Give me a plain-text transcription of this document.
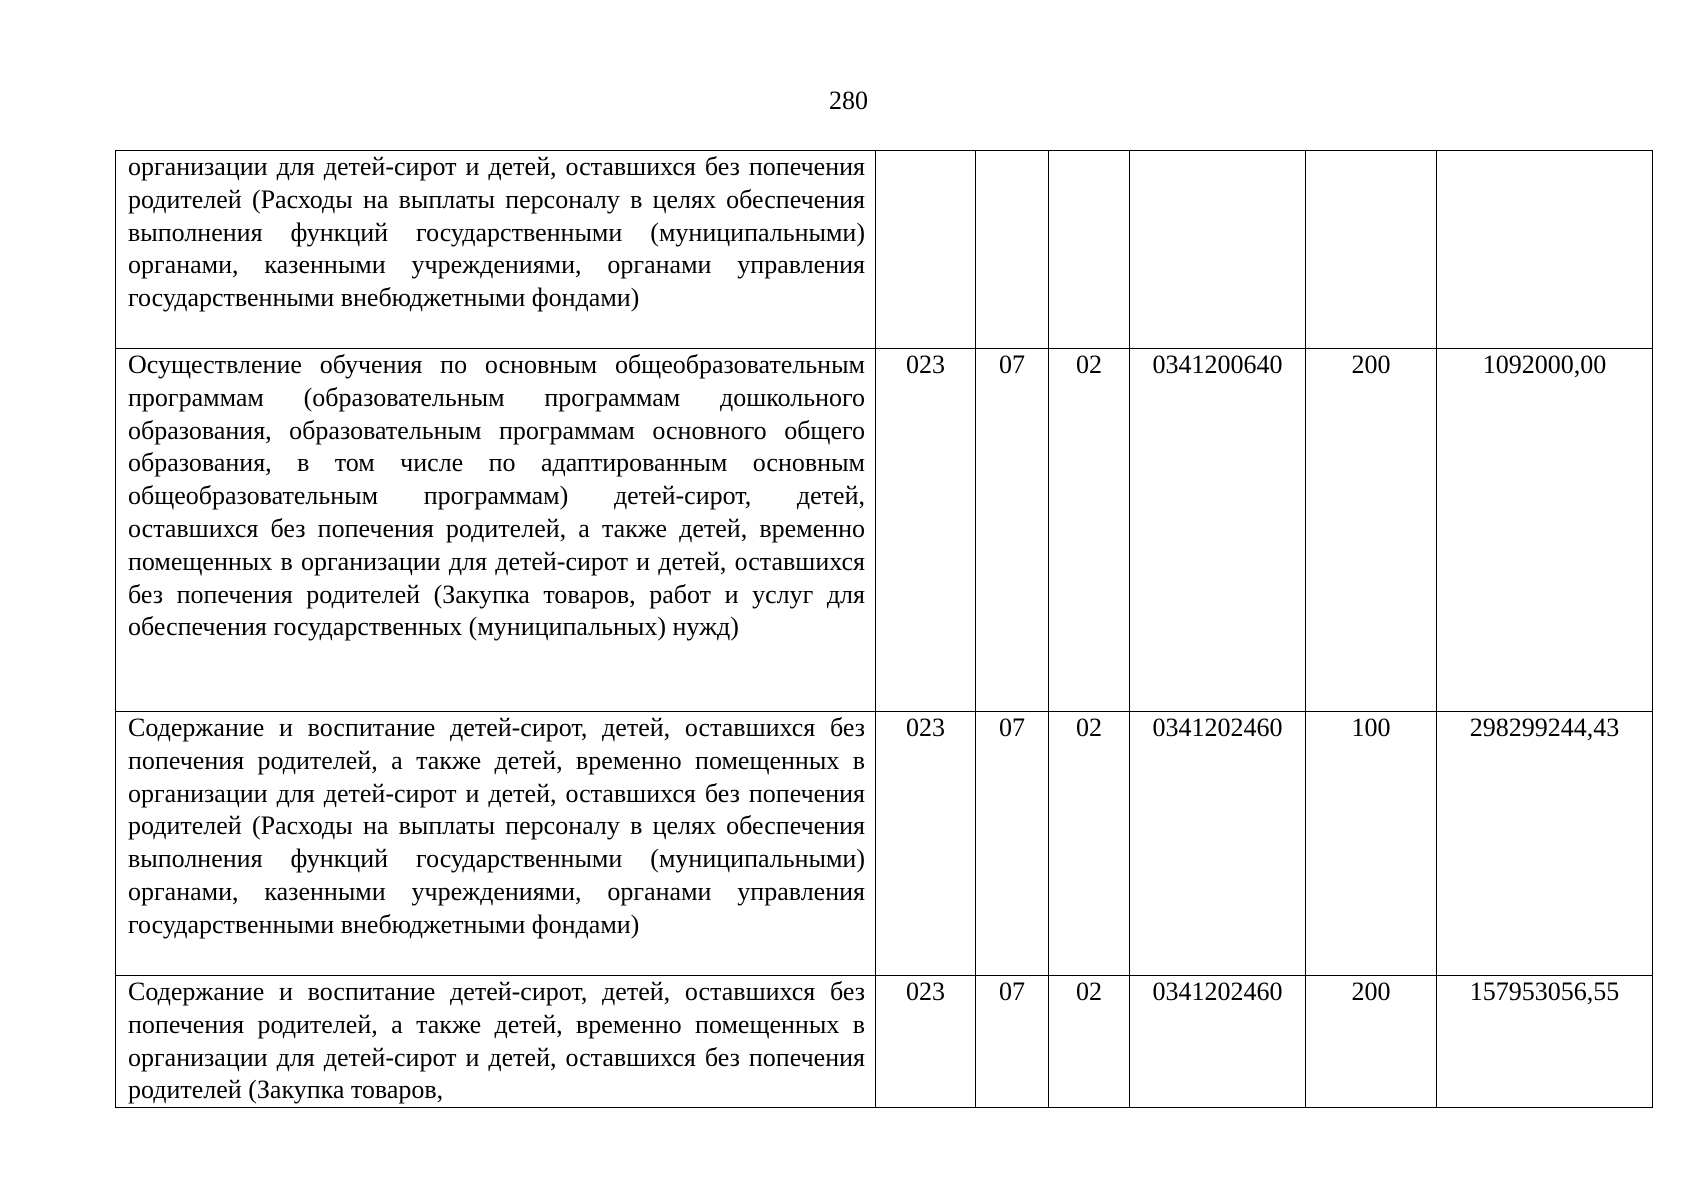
280
организации для детей-сирот и детей, оставшихся без попечения родителей (Расходы на выплаты персоналу в целях обеспечения выполнения функций государственными (муниципальными) органами, казенными учреждениями, органами управления государственными внебюджетными фондами)						
Осуществление обучения по основным общеобразовательным программам (образовательным программам дошкольного образования, образовательным программам основного общего образования, в том числе по адаптированным основным общеобразовательным программам) детей-сирот, детей, оставшихся без попечения родителей, а также детей, временно помещенных в организации для детей-сирот и детей, оставшихся без попечения родителей (Закупка товаров, работ и услуг для обеспечения государственных (муниципальных) нужд)	023	07	02	0341200640	200	1092000,00
Содержание и воспитание детей-сирот, детей, оставшихся без попечения родителей, а также детей, временно помещенных в организации для детей-сирот и детей, оставшихся без попечения родителей (Расходы на выплаты персоналу в целях обеспечения выполнения функций государственными (муниципальными) органами, казенными учреждениями, органами управления государственными внебюджетными фондами)	023	07	02	0341202460	100	298299244,43
Содержание и воспитание детей-сирот, детей, оставшихся без попечения родителей, а также детей, временно помещенных в организации для детей-сирот и детей, оставшихся без попечения родителей (Закупка товаров,	023	07	02	0341202460	200	157953056,55
